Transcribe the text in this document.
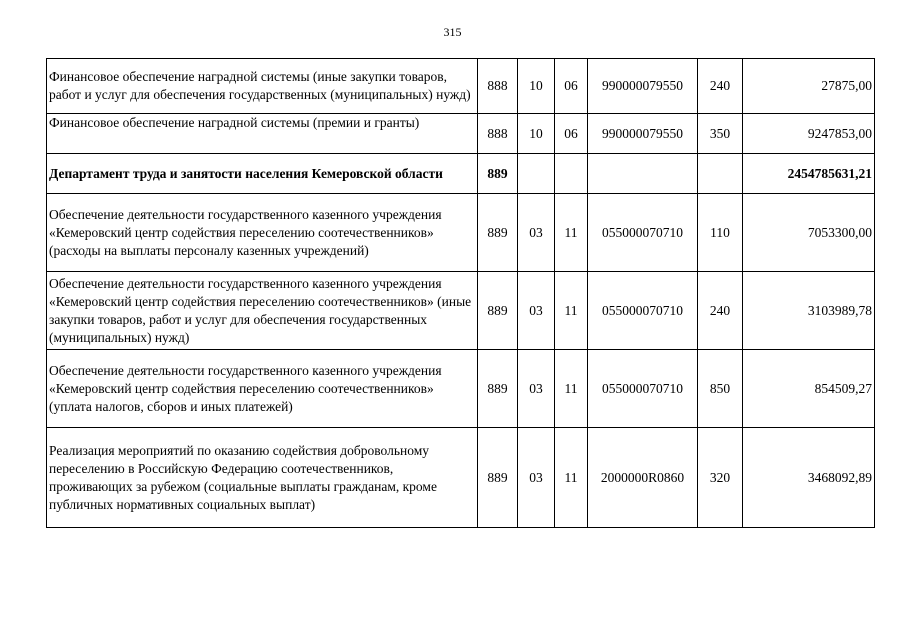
315
Финансовое обеспечение наградной системы (иные закупки товаров, работ и услуг для обеспечения государственных (муниципальных) нужд)	888	10	06	990000079550	240	27875,00
Финансовое обеспечение наградной системы (премии и гранты)	888	10	06	990000079550	350	9247853,00
Департамент труда и занятости населения Кемеровской области	889					2454785631,21
Обеспечение деятельности государственного казенного учреждения «Кемеровский центр содействия переселению соотечественников» (расходы на выплаты персоналу казенных учреждений)	889	03	11	055000070710	110	7053300,00
Обеспечение деятельности государственного казенного учреждения «Кемеровский центр содействия переселению соотечественников» (иные закупки товаров, работ и услуг для обеспечения государственных (муниципальных) нужд)	889	03	11	055000070710	240	3103989,78
Обеспечение деятельности государственного казенного учреждения «Кемеровский центр содействия переселению соотечественников» (уплата налогов, сборов и иных платежей)	889	03	11	055000070710	850	854509,27
Реализация мероприятий по оказанию содействия добровольному переселению в Российскую Федерацию соотечественников, проживающих за рубежом (социальные выплаты гражданам, кроме публичных нормативных социальных выплат)	889	03	11	2000000R0860	320	3468092,89
